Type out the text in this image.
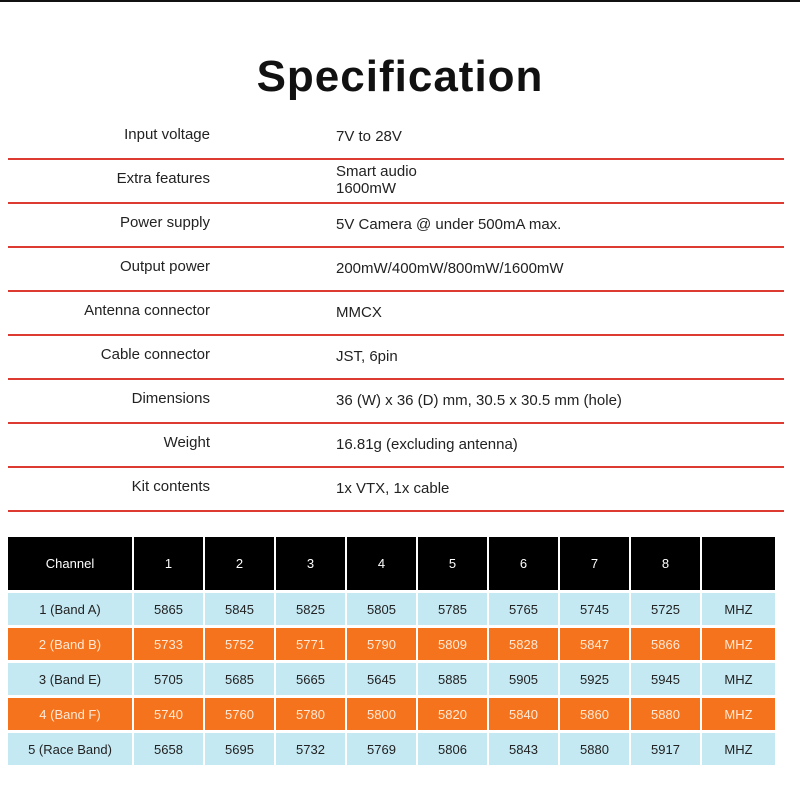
Specification
Input voltage	7V to 28V
Extra features	Smart audio
1600mW
Power supply	5V Camera @ under 500mA max.
Output power	200mW/400mW/800mW/1600mW
Antenna connector	MMCX
Cable connector	JST, 6pin
Dimensions	36 (W) x 36 (D) mm, 30.5 x 30.5 mm (hole)
Weight	16.81g (excluding antenna)
Kit contents	1x VTX, 1x cable
Channel	1	2	3	4	5	6	7	8	
1 (Band A)	5865	5845	5825	5805	5785	5765	5745	5725	MHZ
2 (Band B)	5733	5752	5771	5790	5809	5828	5847	5866	MHZ
3 (Band E)	5705	5685	5665	5645	5885	5905	5925	5945	MHZ
4 (Band F)	5740	5760	5780	5800	5820	5840	5860	5880	MHZ
5 (Race Band)	5658	5695	5732	5769	5806	5843	5880	5917	MHZ
